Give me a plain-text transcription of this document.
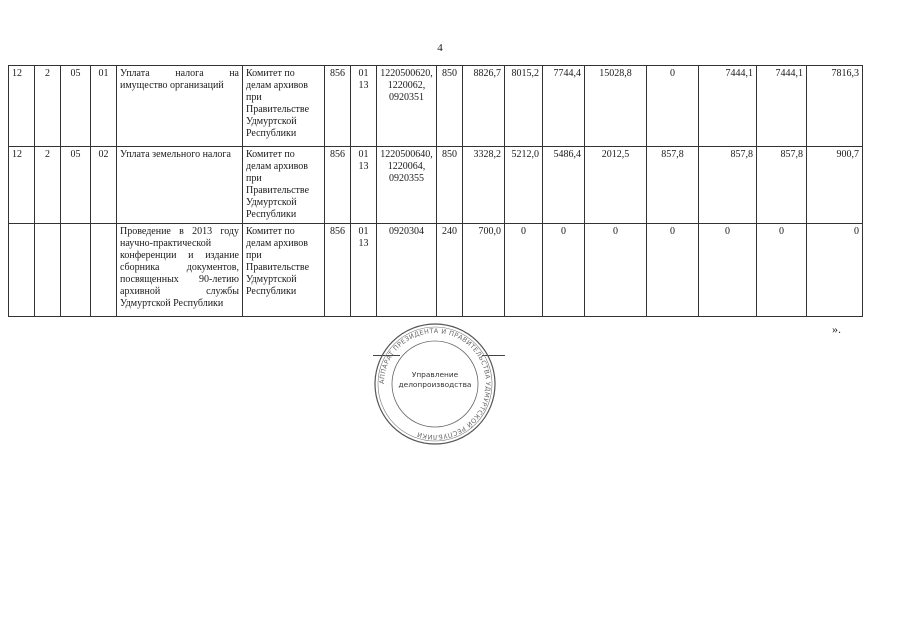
4
12	2	05	01	Уплата налога на имущество организаций	Комитет по делам архивов при Правительстве Удмуртской Республики	856	01 13	1220500620, 1220062, 0920351	850	8826,7	8015,2	7744,4	15028,8	0	7444,1	7444,1	7816,3
12	2	05	02	Уплата земельного налога	Комитет по делам архивов при Правительстве Удмуртской Республики	856	01 13	1220500640, 1220064, 0920355	850	3328,2	5212,0	5486,4	2012,5	857,8	857,8	857,8	900,7
				Проведение в 2013 году научно-практической конференции и издание сборника документов, посвященных 90-летию архивной службы Удмуртской Республики	Комитет по делам архивов при Правительстве Удмуртской Республики	856	01 13	0920304	240	700,0	0	0	0	0	0	0	0
».
АППАРАТ ПРЕЗИДЕНТА И ПРАВИТЕЛЬСТВА УДМУРТСКОЙ РЕСПУБЛИКИ
Управление
делопроизводства
